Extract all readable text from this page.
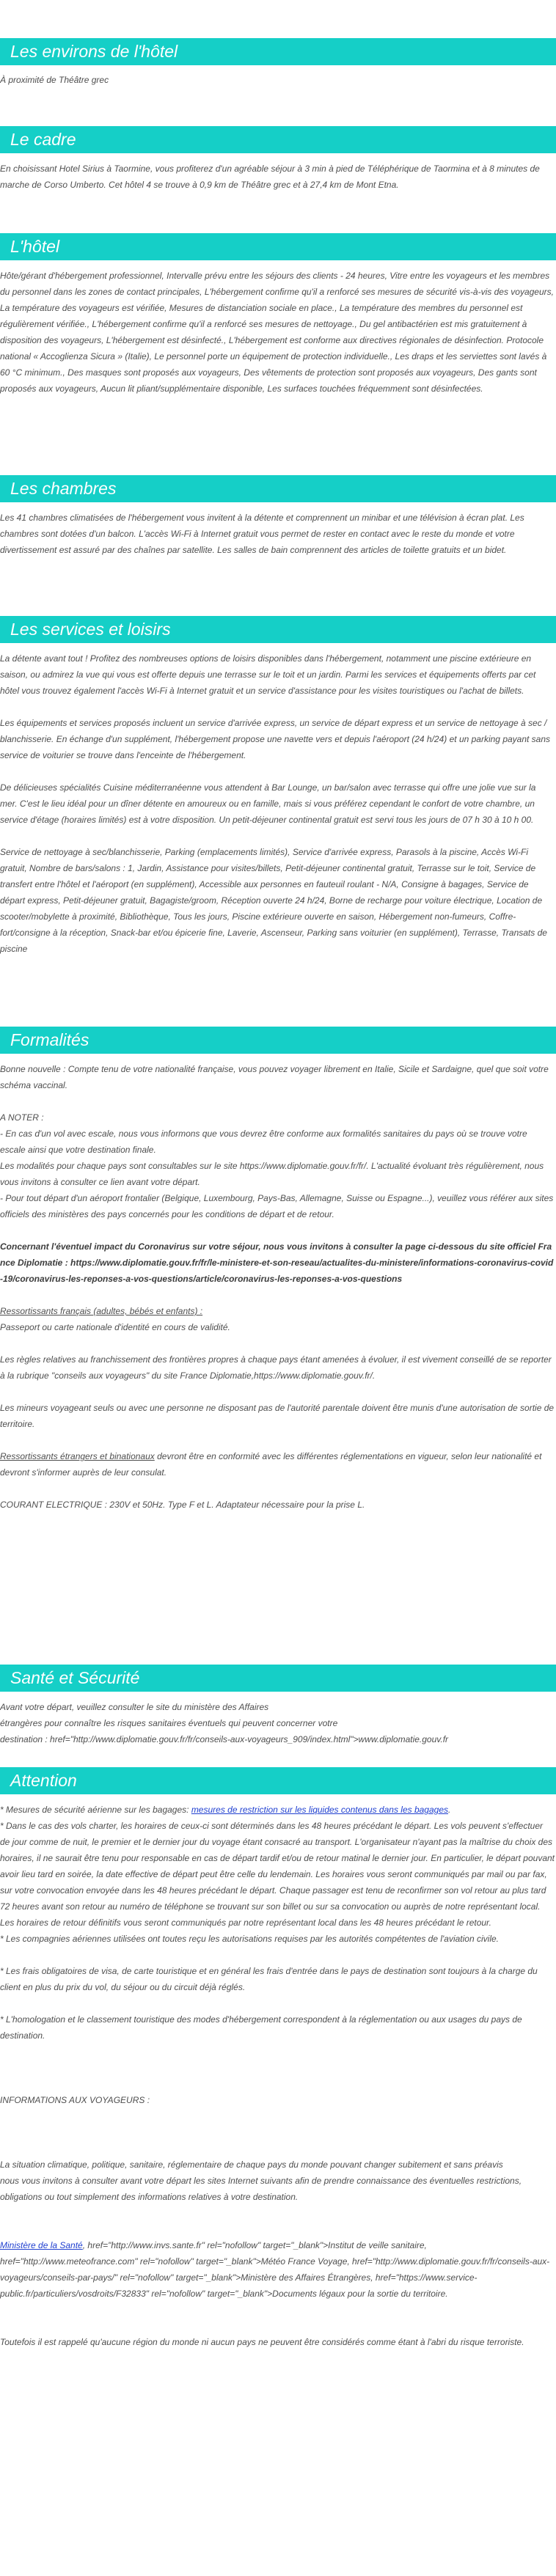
Les environs de l'hôtel

À proximité de Théâtre grec

Le cadre

En choisissant Hotel Sirius à Taormine, vous profiterez d'un agréable séjour à 3 min à pied de Téléphérique de Taormina et à 8 minutes de marche de Corso Umberto. Cet hôtel 4 se trouve à 0,9 km de Théâtre grec et à 27,4 km de Mont Etna.

L'hôtel

Hôte/gérant d'hébergement professionnel, Intervalle prévu entre les séjours des clients - 24 heures, Vitre entre les voyageurs et les membres du personnel dans les zones de contact principales, L'hébergement confirme qu'il a renforcé ses mesures de sécurité vis-à-vis des voyageurs, La température des voyageurs est vérifiée, Mesures de distanciation sociale en place., La température des membres du personnel est régulièrement vérifiée., L'hébergement confirme qu'il a renforcé ses mesures de nettoyage., Du gel antibactérien est mis gratuitement à disposition des voyageurs, L'hébergement est désinfecté., L'hébergement est conforme aux directives régionales de désinfection. Protocole national « Accoglienza Sicura » (Italie), Le personnel porte un équipement de protection individuelle., Les draps et les serviettes sont lavés à 60 °C minimum., Des masques sont proposés aux voyageurs, Des vêtements de protection sont proposés aux voyageurs, Des gants sont proposés aux voyageurs, Aucun lit pliant/supplémentaire disponible, Les surfaces touchées fréquemment sont désinfectées.

Les chambres

Les 41 chambres climatisées de l'hébergement vous invitent à la détente et comprennent un minibar et une télévision à écran plat. Les chambres sont dotées d'un balcon. L'accès Wi-Fi à Internet gratuit vous permet de rester en contact avec le reste du monde et votre divertissement est assuré par des chaînes par satellite. Les salles de bain comprennent des articles de toilette gratuits et un bidet.

Les services et loisirs

La détente avant tout ! Profitez des nombreuses options de loisirs disponibles dans l'hébergement, notamment une piscine extérieure en saison, ou admirez la vue qui vous est offerte depuis une terrasse sur le toit et un jardin. Parmi les services et équipements offerts par cet hôtel vous trouvez également l'accès Wi-Fi à Internet gratuit et un service d'assistance pour les visites touristiques ou l'achat de billets.

Les équipements et services proposés incluent un service d'arrivée express, un service de départ express et un service de nettoyage à sec / blanchisserie. En échange d'un supplément, l'hébergement propose une navette vers et depuis l'aéroport (24 h/24) et un parking payant sans service de voiturier se trouve dans l'enceinte de l'hébergement.

De délicieuses spécialités Cuisine méditerranéenne vous attendent à Bar Lounge, un bar/salon avec terrasse qui offre une jolie vue sur la mer. C'est le lieu idéal pour un dîner détente en amoureux ou en famille, mais si vous préférez cependant le confort de votre chambre, un service d'étage (horaires limités) est à votre disposition. Un petit-déjeuner continental gratuit est servi tous les jours de 07 h 30 à 10 h 00.

Service de nettoyage à sec/blanchisserie, Parking (emplacements limités), Service d'arrivée express, Parasols à la piscine, Accès Wi-Fi gratuit, Nombre de bars/salons : 1, Jardin, Assistance pour visites/billets, Petit-déjeuner continental gratuit, Terrasse sur le toit, Service de transfert entre l'hôtel et l'aéroport (en supplément), Accessible aux personnes en fauteuil roulant - N/A, Consigne à bagages, Service de départ express, Petit-déjeuner gratuit, Bagagiste/groom, Réception ouverte 24 h/24, Borne de recharge pour voiture électrique, Location de scooter/mobylette à proximité, Bibliothèque, Tous les jours, Piscine extérieure ouverte en saison, Hébergement non-fumeurs, Coffre-fort/consigne à la réception, Snack-bar et/ou épicerie fine, Laverie, Ascenseur, Parking sans voiturier (en supplément), Terrasse, Transats de piscine

Formalités

Bonne nouvelle : Compte tenu de votre nationalité française, vous pouvez voyager librement en Italie, Sicile et Sardaigne, quel que soit votre schéma vaccinal.

A NOTER :

- En cas d'un vol avec escale, nous vous informons que vous devrez être conforme aux formalités sanitaires du pays où se trouve votre escale ainsi que votre destination finale.

Les modalités pour chaque pays sont consultables sur le site https://www.diplomatie.gouv.fr/fr/. L'actualité évoluant très régulièrement, nous vous invitons à consulter ce lien avant votre départ.

- Pour tout départ d'un aéroport frontalier (Belgique, Luxembourg, Pays-Bas, Allemagne, Suisse ou Espagne...), veuillez vous référer aux sites officiels des ministères des pays concernés pour les conditions de départ et de retour.

Concernant l'éventuel impact du Coronavirus sur votre séjour, nous vous invitons à consulter la page ci-dessous du site officiel France Diplomatie : https://www.diplomatie.gouv.fr/fr/le-ministere-et-son-reseau/actualites-du-ministere/informations-coronavirus-covid-19/coronavirus-les-reponses-a-vos-questions/article/coronavirus-les-reponses-a-vos-questions

Ressortissants français (adultes, bébés et enfants) :

Passeport ou carte nationale d'identité en cours de validité.

Les règles relatives au franchissement des frontières propres à chaque pays étant amenées à évoluer, il est vivement conseillé de se reporter à la rubrique "conseils aux voyageurs" du site France Diplomatie,https://www.diplomatie.gouv.fr/.

Les mineurs voyageant seuls ou avec une personne ne disposant pas de l'autorité parentale doivent être munis d'une autorisation de sortie de territoire.

Ressortissants étrangers et binationaux devront être en conformité avec les différentes réglementations en vigueur, selon leur nationalité et devront s'informer auprès de leur consulat.

COURANT ELECTRIQUE : 230V et 50Hz. Type F et L. Adaptateur nécessaire pour la prise L.

Santé et Sécurité

Avant votre départ, veuillez consulter le site du ministère des Affaires

étrangères pour connaître les risques sanitaires éventuels qui peuvent concerner votre

destination : href="http://www.diplomatie.gouv.fr/fr/conseils-aux-voyageurs_909/index.html">www.diplomatie.gouv.fr

Attention

* Mesures de sécurité aérienne sur les bagages: mesures de restriction sur les liquides contenus dans les bagages.

* Dans le cas des vols charter, les horaires de ceux-ci sont déterminés dans les 48 heures précédant le départ. Les vols peuvent s'effectuer de jour comme de nuit, le premier et le dernier jour du voyage étant consacré au transport. L'organisateur n'ayant pas la maîtrise du choix des horaires, il ne saurait être tenu pour responsable en cas de départ tardif et/ou de retour matinal le dernier jour. En particulier, le départ pouvant avoir lieu tard en soirée, la date effective de départ peut être celle du lendemain. Les horaires vous seront communiqués par mail ou par fax, sur votre convocation envoyée dans les 48 heures précédant le départ. Chaque passager est tenu de reconfirmer son vol retour au plus tard 72 heures avant son retour au numéro de téléphone se trouvant sur son billet ou sur sa convocation ou auprès de notre représentant local. Les horaires de retour définitifs vous seront communiqués par notre représentant local dans les 48 heures précédant le retour.

* Les compagnies aériennes utilisées ont toutes reçu les autorisations requises par les autorités compétentes de l'aviation civile.

* Les frais obligatoires de visa, de carte touristique et en général les frais d'entrée dans le pays de destination sont toujours à la charge du client en plus du prix du vol, du séjour ou du circuit déjà réglés.

* L'homologation et le classement touristique des modes d'hébergement correspondent à la réglementation ou aux usages du pays de destination.

INFORMATIONS AUX VOYAGEURS :

La situation climatique, politique, sanitaire, réglementaire de chaque pays du monde pouvant changer subitement et sans préavis

nous vous invitons à consulter avant votre départ les sites Internet suivants afin de prendre connaissance des éventuelles restrictions, obligations ou tout simplement des informations relatives à votre destination.

Ministère de la Santé, href="http://www.invs.sante.fr" rel="nofollow" target="_blank">Institut de veille sanitaire, href="http://www.meteofrance.com" rel="nofollow" target="_blank">Météo France Voyage, href="http://www.diplomatie.gouv.fr/fr/conseils-aux-voyageurs/conseils-par-pays/" rel="nofollow" target="_blank">Ministère des Affaires Étrangères, href="https://www.service-public.fr/particuliers/vosdroits/F32833" rel="nofollow" target="_blank">Documents légaux pour la sortie du territoire.

Toutefois il est rappelé qu'aucune région du monde ni aucun pays ne peuvent être considérés comme étant à l'abri du risque terroriste.
